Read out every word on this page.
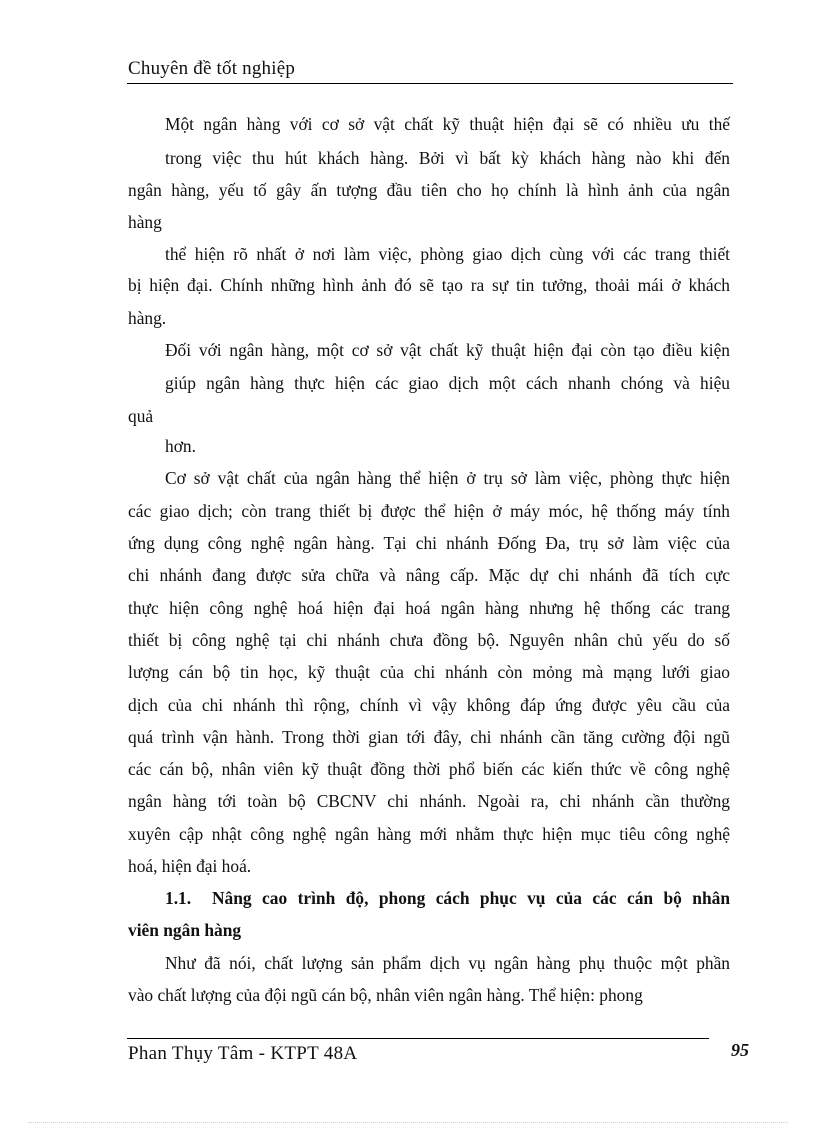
Chuyên đề tốt nghiệp
Một ngân hàng với cơ sở vật chất kỹ thuật hiện đại sẽ có nhiều ưu thế
trong việc thu hút khách hàng. Bởi vì bất kỳ khách hàng nào khi đến
ngân hàng, yếu tố gây ấn tượng đầu tiên cho họ chính là hình ảnh của ngân
hàng
thể hiện rõ nhất ở nơi làm việc, phòng giao dịch cùng với các trang thiết
bị hiện đại. Chính những hình ảnh đó sẽ tạo ra sự tin tưởng, thoải mái ở khách
hàng.
Đối với ngân hàng, một cơ sở vật chất kỹ thuật hiện đại còn tạo điều kiện
giúp ngân hàng thực hiện các giao dịch một cách nhanh chóng và hiệu
quả
hơn.
Cơ sở vật chất của ngân hàng thể hiện ở trụ sở làm việc, phòng thực hiện
các giao dịch; còn trang thiết bị được thể hiện ở máy móc, hệ thống máy tính
ứng dụng công nghệ ngân hàng. Tại chi nhánh Đống Đa, trụ sở làm việc của
chi nhánh đang được sửa chữa và nâng cấp. Mặc dự chi nhánh đã tích cực
thực hiện công nghệ hoá hiện đại hoá ngân hàng nhưng hệ thống các trang
thiết bị công nghệ tại chi nhánh chưa đồng bộ. Nguyên nhân chủ yếu do số
lượng cán bộ tin học, kỹ thuật của chi nhánh còn mỏng mà mạng lưới giao
dịch của chi nhánh thì rộng, chính vì vậy không đáp ứng được yêu cầu của
quá trình vận hành. Trong thời gian tới đây, chi nhánh cần tăng cường đội ngũ
các cán bộ, nhân viên kỹ thuật đồng thời phổ biến các kiến thức về công nghệ
ngân hàng tới toàn bộ CBCNV chi nhánh. Ngoài ra, chi nhánh cần thường
xuyên cập nhật công nghệ ngân hàng mới nhằm thực hiện mục tiêu công nghệ
hoá, hiện đại hoá.
1.1. Nâng cao trình độ, phong cách phục vụ của các cán bộ nhân
viên ngân hàng
Như đã nói, chất lượng sản phẩm dịch vụ ngân hàng phụ thuộc một phần
vào chất lượng của đội ngũ cán bộ, nhân viên ngân hàng. Thể hiện: phong
Phan Thụy Tâm - KTPT 48A	95
